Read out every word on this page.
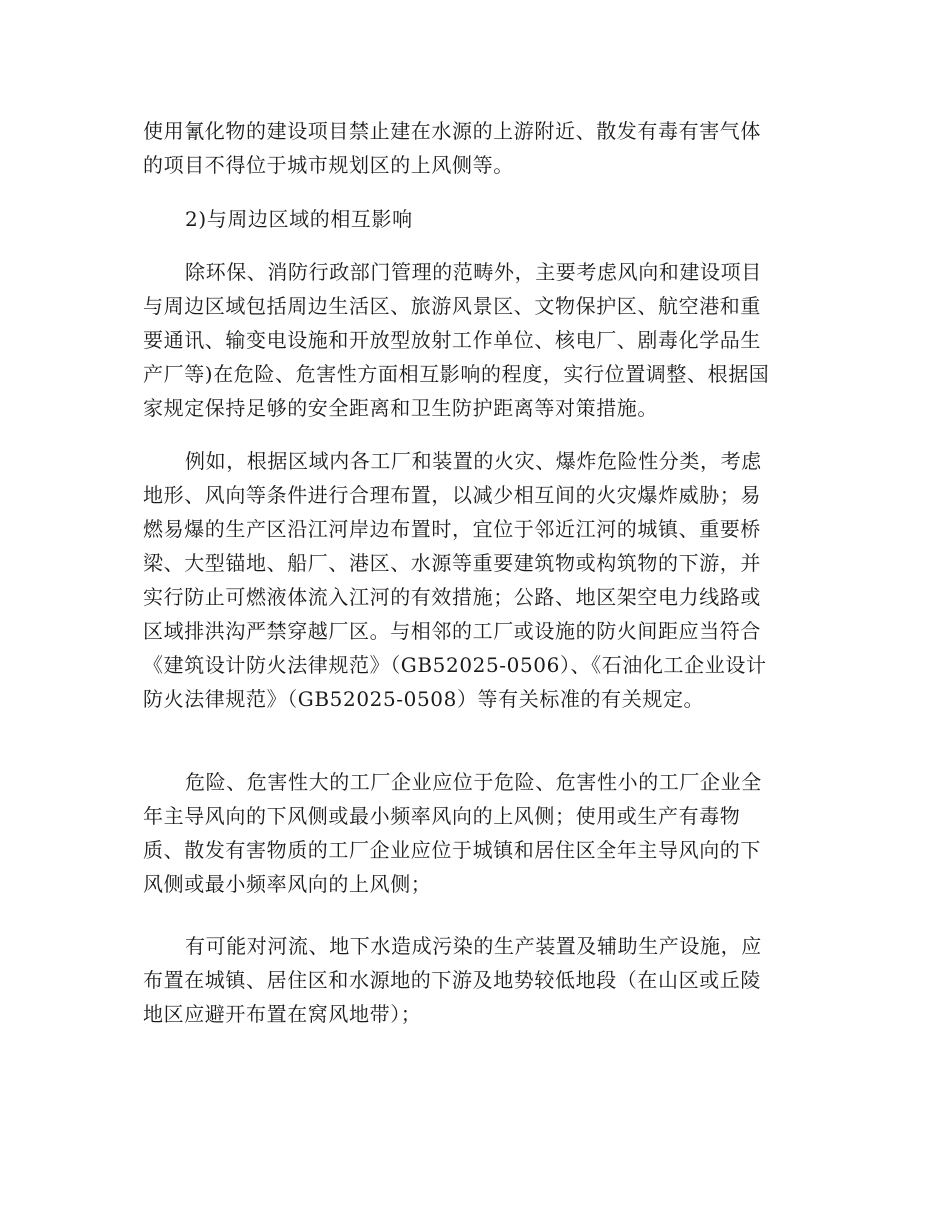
使用氰化物的建设项目禁止建在水源的上游附近、散发有毒有害气体
的项目不得位于城市规划区的上风侧等。
2)与周边区域的相互影响
除环保、消防行政部门管理的范畴外，主要考虑风向和建设项目
与周边区域包括周边生活区、旅游风景区、文物保护区、航空港和重
要通讯、输变电设施和开放型放射工作单位、核电厂、剧毒化学品生
产厂等)在危险、危害性方面相互影响的程度，实行位置调整、根据国
家规定保持足够的安全距离和卫生防护距离等对策措施。
例如，根据区域内各工厂和装置的火灾、爆炸危险性分类，考虑
地形、风向等条件进行合理布置，以减少相互间的火灾爆炸威胁；易
燃易爆的生产区沿江河岸边布置时，宜位于邻近江河的城镇、重要桥
梁、大型锚地、船厂、港区、水源等重要建筑物或构筑物的下游，并
实行防止可燃液体流入江河的有效措施；公路、地区架空电力线路或
区域排洪沟严禁穿越厂区。与相邻的工厂或设施的防火间距应当符合
《建筑设计防火法律规范》（GB52025-0506）、《石油化工企业设计
防火法律规范》（GB52025-0508）等有关标准的有关规定。
危险、危害性大的工厂企业应位于危险、危害性小的工厂企业全
年主导风向的下风侧或最小频率风向的上风侧；使用或生产有毒物
质、散发有害物质的工厂企业应位于城镇和居住区全年主导风向的下
风侧或最小频率风向的上风侧；
有可能对河流、地下水造成污染的生产装置及辅助生产设施，应
布置在城镇、居住区和水源地的下游及地势较低地段（在山区或丘陵
地区应避开布置在窝风地带）；
